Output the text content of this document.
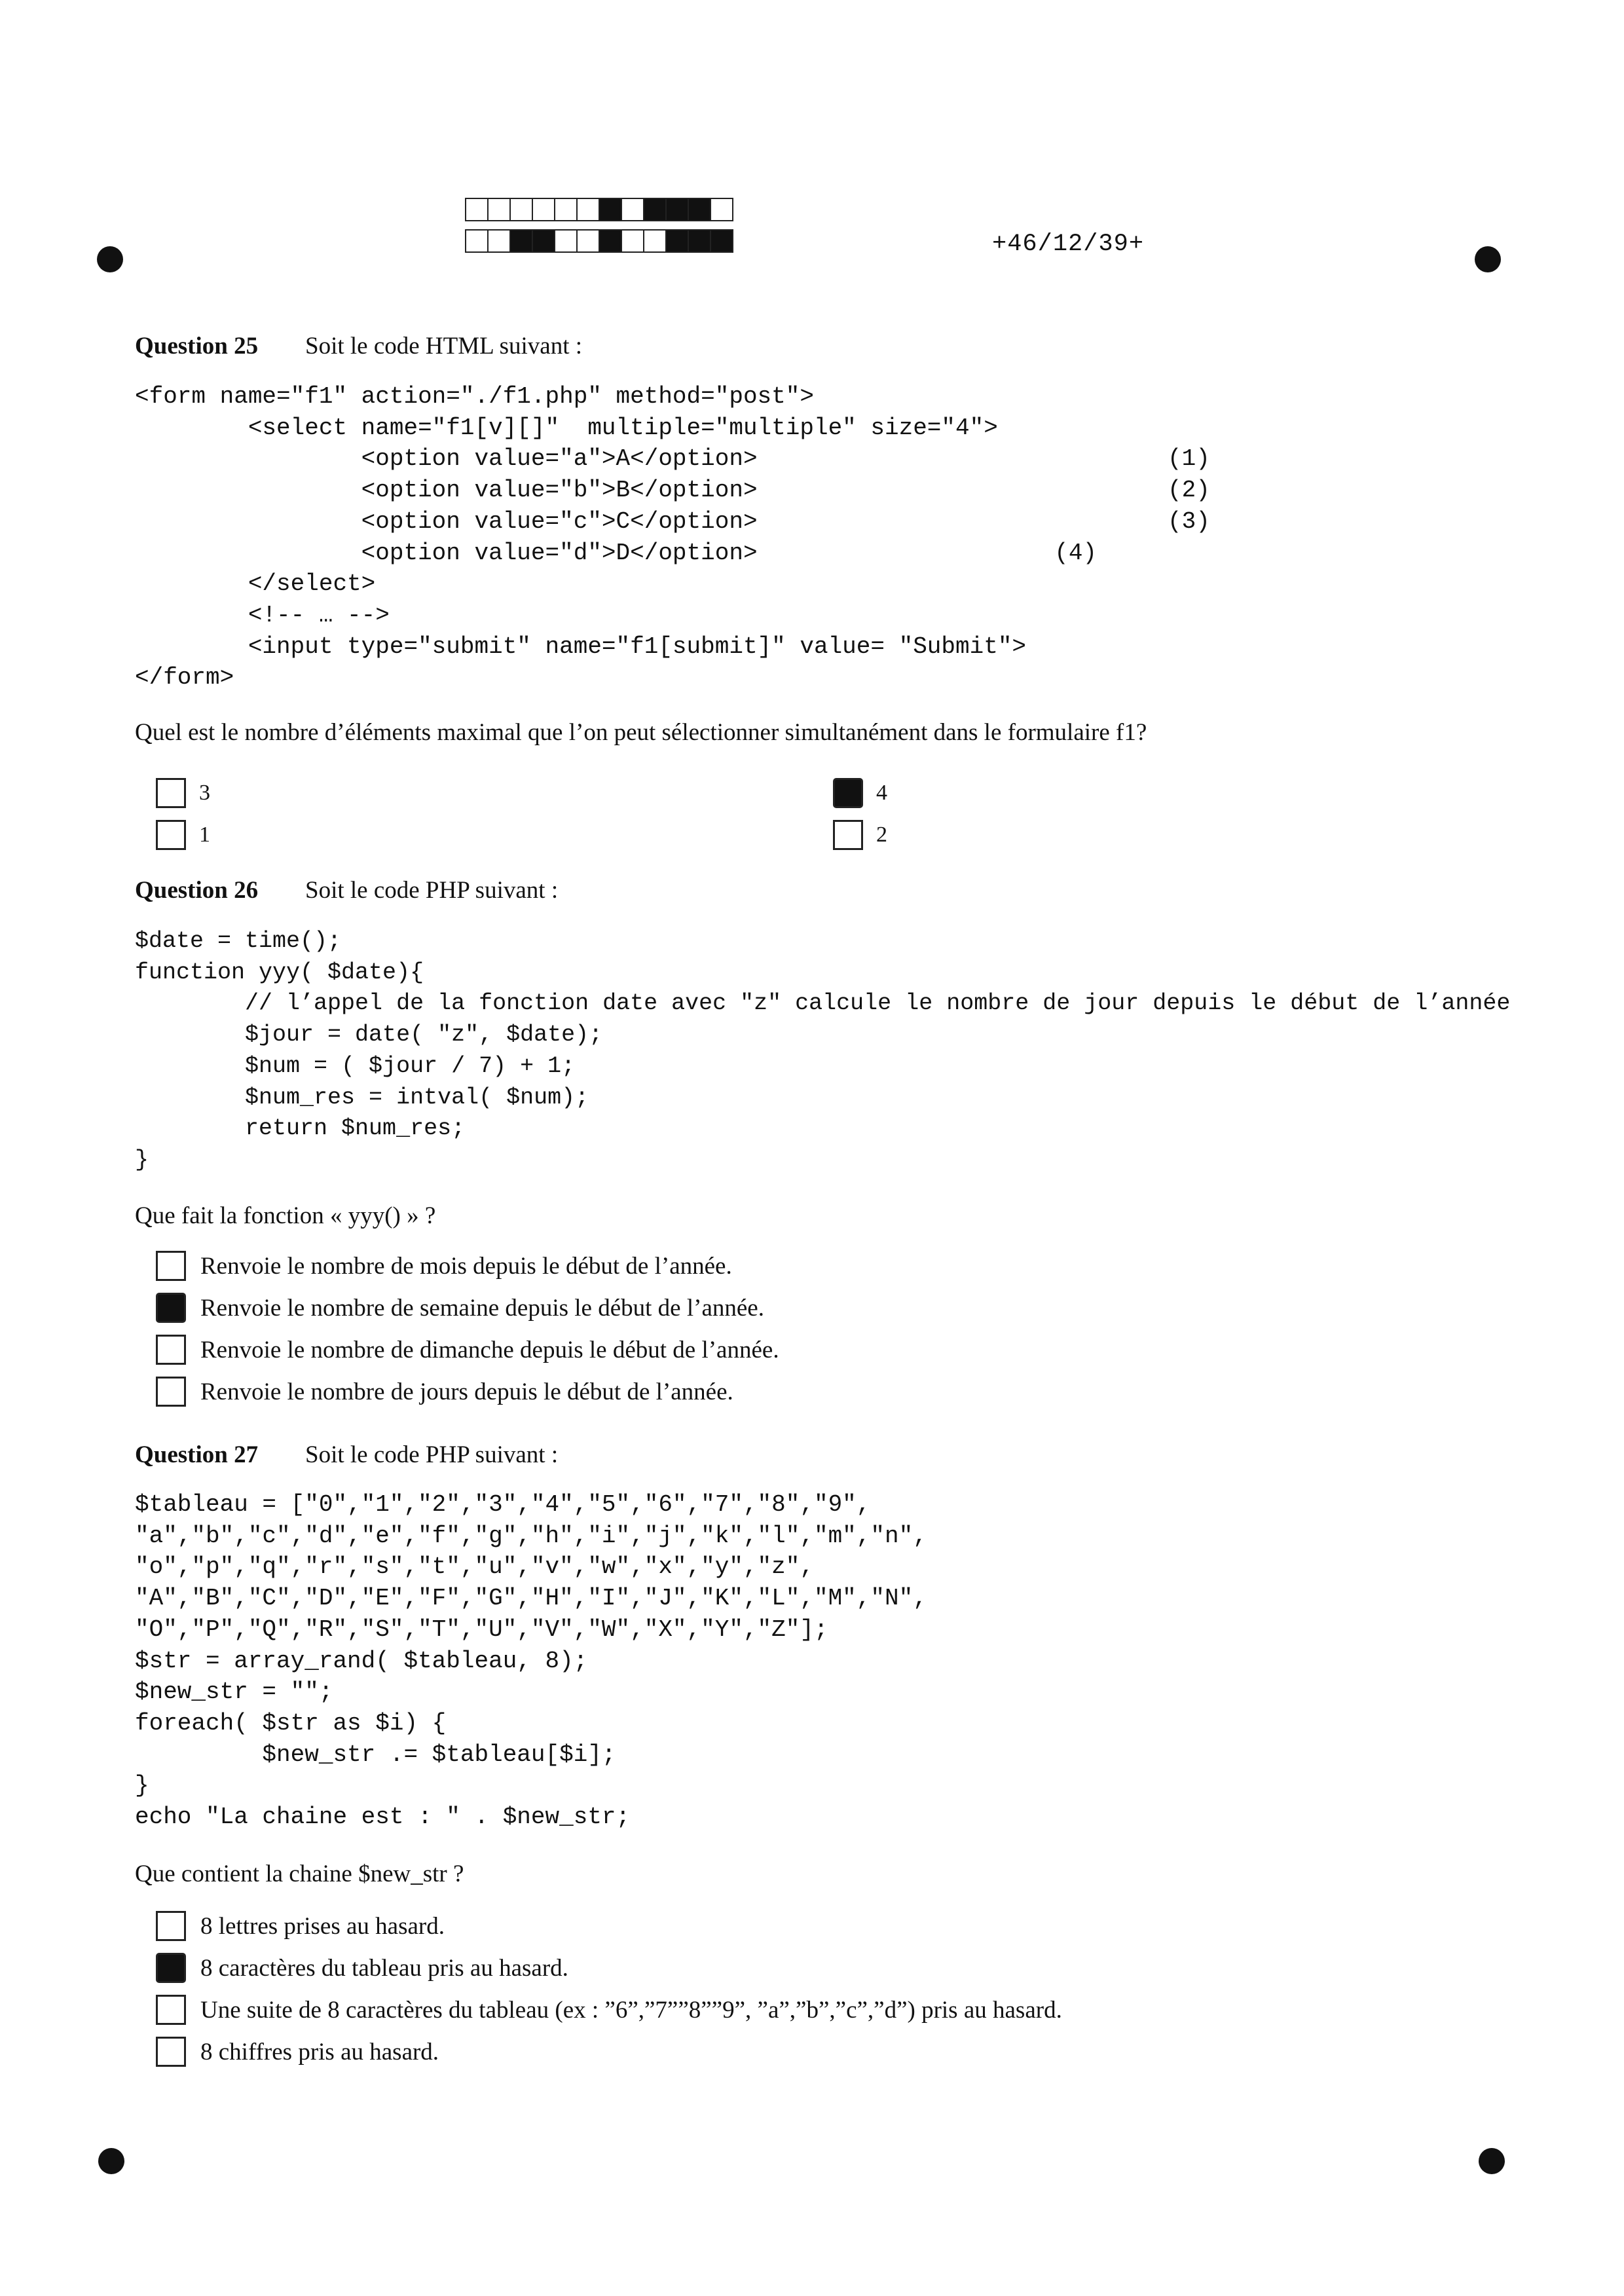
+46/12/39+
Question 25 Soit le code HTML suivant :
<form name="f1" action="./f1.php" method="post">
<select name="f1[v][]"  multiple="multiple" size="4">
<option value="a">A</option>                             (1)
<option value="b">B</option>                             (2)
<option value="c">C</option>                             (3)
<option value="d">D</option>                     (4)
</select>
<!-- … -->
<input type="submit" name="f1[submit]" value= "Submit">
</form>
Quel est le nombre d’éléments maximal que l’on peut sélectionner simultanément dans le formulaire f1?
3	4
1	2
Question 26 Soit le code PHP suivant :
$date = time();
function yyy( $date){
// l’appel de la fonction date avec "z" calcule le nombre de jour depuis le début de l’année
$jour = date( "z", $date);
$num = ( $jour / 7) + 1;
$num_res = intval( $num);
return $num_res;
}
Que fait la fonction « yyy() » ?
Renvoie le nombre de mois depuis le début de l’année.
Renvoie le nombre de semaine depuis le début de l’année.
Renvoie le nombre de dimanche depuis le début de l’année.
Renvoie le nombre de jours depuis le début de l’année.
Question 27 Soit le code PHP suivant :
$tableau = ["0","1","2","3","4","5","6","7","8","9",
"a","b","c","d","e","f","g","h","i","j","k","l","m","n",
"o","p","q","r","s","t","u","v","w","x","y","z",
"A","B","C","D","E","F","G","H","I","J","K","L","M","N",
"O","P","Q","R","S","T","U","V","W","X","Y","Z"];
$str = array_rand( $tableau, 8);
$new_str = "";
foreach( $str as $i) {
$new_str .= $tableau[$i];
}
echo "La chaine est : " . $new_str;
Que contient la chaine $new_str ?
8 lettres prises au hasard.
8 caractères du tableau pris au hasard.
Une suite de 8 caractères du tableau (ex : ”6”,”7””8””9”, ”a”,”b”,”c”,”d”) pris au hasard.
8 chiffres pris au hasard.
